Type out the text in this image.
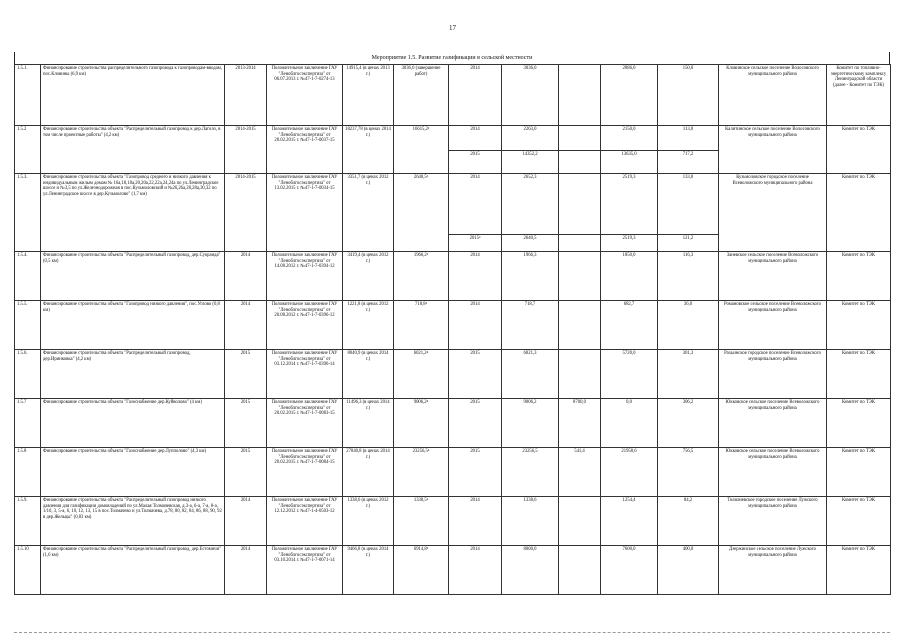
17
Мероприятие 1.5. Развитие газификации в сельской местности
1.5.1.	Финансирование строительства распределительного газопровода к газопроводам-вводам, пос.Кловины (6,9 км)	2013-2014	Положительное заключение ГАУ "Леноблгосэкспертиза" от 06.07.2013 г. №47-1-7-0274-13	14915,4 (в ценах 2013 г.)	3036,0 (завершение работ)	2014	3036,0		2886,0	150,0	Кловинское сельское поселение Волосовского муниципального района	Комитет по топливно-энергетическому комплексу Ленинградской области (далее - Комитет по ТЭК)
1.5.2	Финансирование строительства объекта "Распределительный газопровод к дер.Лаголо, в том числе проектные работы" (4,2 км)	2014-2015	Положительное заключение ГАУ "Леноблгосэкспертиза" от 28.02.2015 г. №47-1-7-0037-15	18237,78 (в ценах 2014 г.)	16615,2²	2014	2263,0		2150,0	113,0	Калитинское сельское поселение Волосовского муниципального района	Комитет по ТЭК
						2015	14352,2		13635,0	717,2		
1.5.3.	Финансирование строительства объекта "Газопровод среднего и низкого давления к индивидуальным жилым домам № 16а,18,18а,20,20а,22,22а,24,24а по ул.Ленинградское шоссе и №3,5 по ул.Железнодорожная в пос.Кузьмоловский и №26,26а,28,28а,30,32 по ул.Ленинградское шоссе в дер.Кузьмолово" (1,7 км)	2014-2015	Положительное заключение ГАУ "Леноблгосэкспертиза" от 13.02.2015 г. №47-1-7-0034-15	3351,7 (в ценах 2012 г.)	2640,5³	2014	2652,3		2519,3	133,0	Кузьмоловское городское поселение Всеволожского муниципального района	Комитет по ТЭК
						2015³	2640,5		2519,3	121,2		
1.5.4.	Финансирование строительства объекта "Распределительный газопровод, дер.Суоранда" (0,5 км)	2014	Положительное заключение ГАУ "Леноблгосэкспертиза" от 14.08.2012 г. №47-1-7-0394-12	3419,4 (в ценах 2012 г.)	1966,2²	2014	1966,3		1850,0	116,3	Заневское сельское поселение Всеволожского муниципального района	Комитет по ТЭК
1.5.5.	Финансирование строительства объекта "Газопровод низкого давления", пос.Углово (0,8 км)	2014	Положительное заключение ГАУ "Леноблгосэкспертиза" от 20.08.2012 г. №47-1-7-0396-12	1221,8 (в ценах 2012 г.)	718,8²	2014	718,7		682,7	36,0	Романовское сельское поселение Всеволожского муниципального района	Комитет по ТЭК
1.5.6.	Финансирование строительства объекта "Распределительный газопровод, дер.Иринковка" (4,2 км)	2015	Положительное заключение ГАУ "Леноблгосэкспертиза" от 03.12.2014 г. №47-1-7-0396-14	8040,9 (в ценах 2014 г.)	6021,2⁴	2015	6021,3		5720,0	301,3	Рахьинское городское поселение Всеволожского муниципального района	Комитет по ТЭК
1.5.7	Финансирование строительства объекта "Газоснабжение дер.Куйволово" (4 км)	2015	Положительное заключение ГАУ "Леноблгосэкспертиза" от 20.02.2015 г. №47-1-7-0083-15	11496,3 (в ценах 2014 г.)	9006,2⁴	2015	9006,2	8700,0	0,0	306,2	Юкковское сельское поселение Всеволожского муниципального района	Комитет по ТЭК
1.5.8	Финансирование строительства объекта "Газоснабжение дер.Лупполово" (4,3 км)	2015	Положительное заключение ГАУ "Леноблгосэкспертиза" от 20.02.2015 г. №47-1-7-0084-15	27840,8 (в ценах 2014 г.)	23256,5⁴	2015	23256,5	541,4	21958,6	756,5	Юкковское сельское поселение Всеволожского муниципального района	Комитет по ТЭК
1.5.9.	Финансирование строительства объекта "Распределительный газопровод низкого давления для газификации домовладений по ул.Малая Толмачевская, д.3-а, 6-а, 7-а, 8-а, 1/10, 3, 5-а, 6, 10, 12, 13, 15 в пос.Толмачево и ул.Толмачева, д.78, 80, 82, 84, 86, 88, 90, 92 в дер.Жельцы" (0,83 км)	2014	Положительное заключение ГАУ "Леноблгосэкспертиза" от 12.12.2012 г. №47-1-4-0503-12	1338,6 (в ценах 2012 г.)	1338,5²	2014	1338,6		1254,4	84,2	Толмачевское городское поселение Лужского муниципального района	Комитет по ТЭК
1.5.10	Финансирование строительства объекта "Распределительный газопровод, дер.Естомичи" (1,6 км)	2014	Положительное заключение ГАУ "Леноблгосэкспертиза" от 03.10.2014 г. №47-1-7-0071-14	9466,8 (в ценах 2014 г.)	6914,8²	2014	8000,0		7600,0	400,0	Дзержинское сельское поселение Лужского муниципального района	Комитет по ТЭК
